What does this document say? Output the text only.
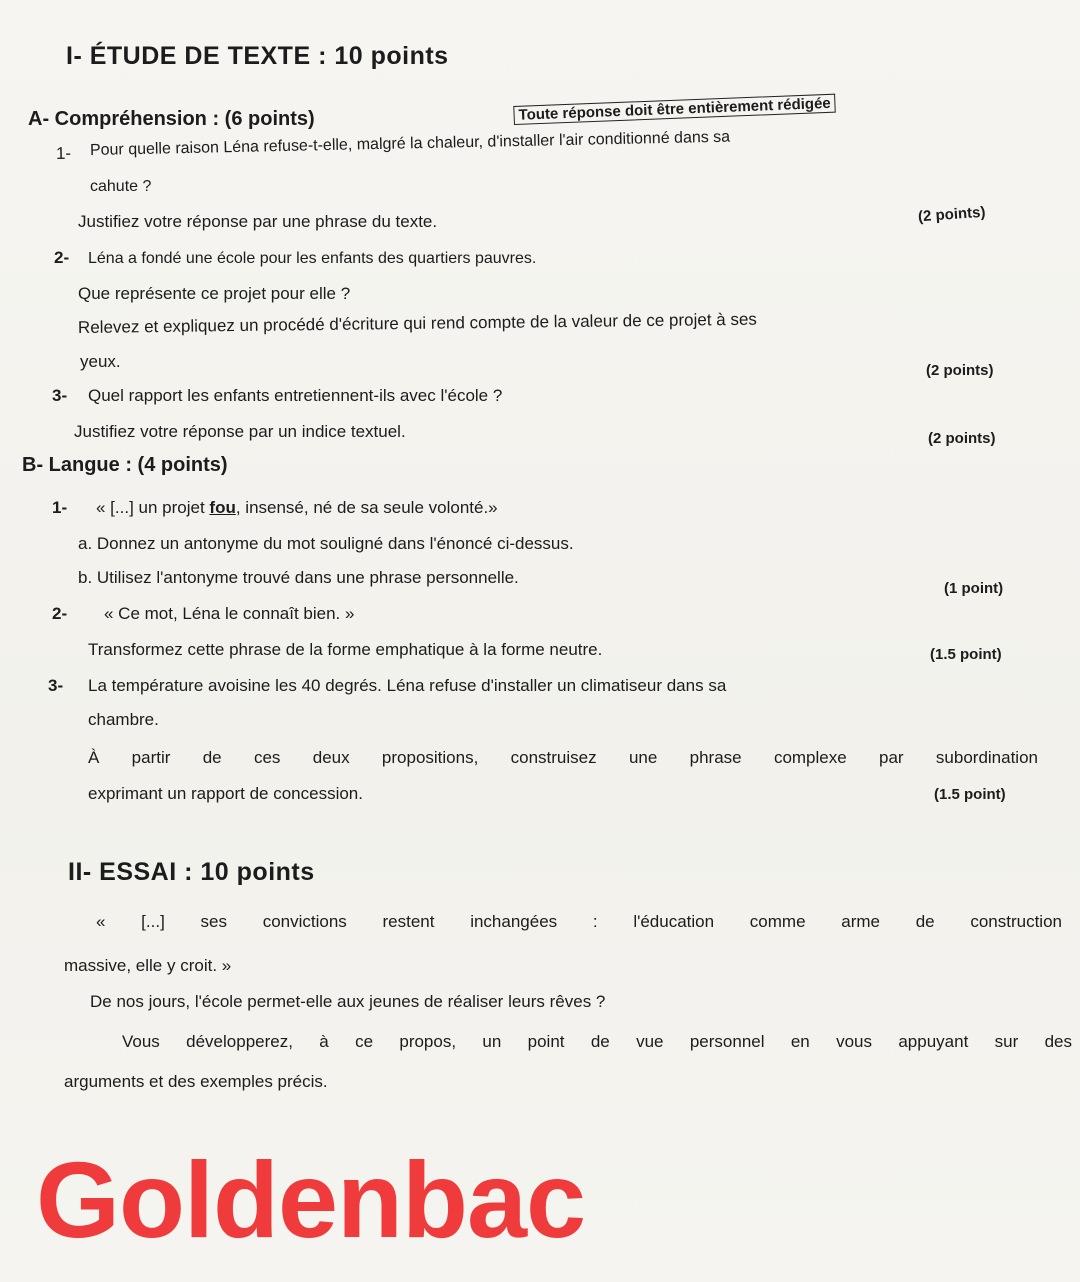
I- ÉTUDE DE TEXTE : 10 points
A- Compréhension : (6 points)	Toute réponse doit être entièrement rédigée
1- Pour quelle raison Léna refuse-t-elle, malgré la chaleur, d'installer l'air conditionné dans sa
cahute ?
Justifiez votre réponse par une phrase du texte.	(2 points)
2- Léna a fondé une école pour les enfants des quartiers pauvres.
Que représente ce projet pour elle ?
Relevez et expliquez un procédé d'écriture qui rend compte de la valeur de ce projet à ses
yeux.	(2 points)
3- Quel rapport les enfants entretiennent-ils avec l'école ?
Justifiez votre réponse par un indice textuel.	(2 points)
B- Langue : (4 points)
1- « [...] un projet fou, insensé, né de sa seule volonté.»
a. Donnez un antonyme du mot souligné dans l'énoncé ci-dessus.
b. Utilisez l'antonyme trouvé dans une phrase personnelle.
(1 point)
2- « Ce mot, Léna le connaît bien. »
Transformez cette phrase de la forme emphatique à la forme neutre.	(1.5 point)
3- La température avoisine les 40 degrés. Léna refuse d'installer un climatiseur dans sa
chambre.
À partir de ces deux propositions, construisez une phrase complexe par subordination
exprimant un rapport de concession.	(1.5 point)
II- ESSAI : 10 points
« [...] ses convictions restent inchangées : l'éducation comme arme de construction
massive, elle y croit. »
De nos jours, l'école permet-elle aux jeunes de réaliser leurs rêves ?
Vous développerez, à ce propos, un point de vue personnel en vous appuyant sur des
arguments et des exemples précis.
Goldenbac
